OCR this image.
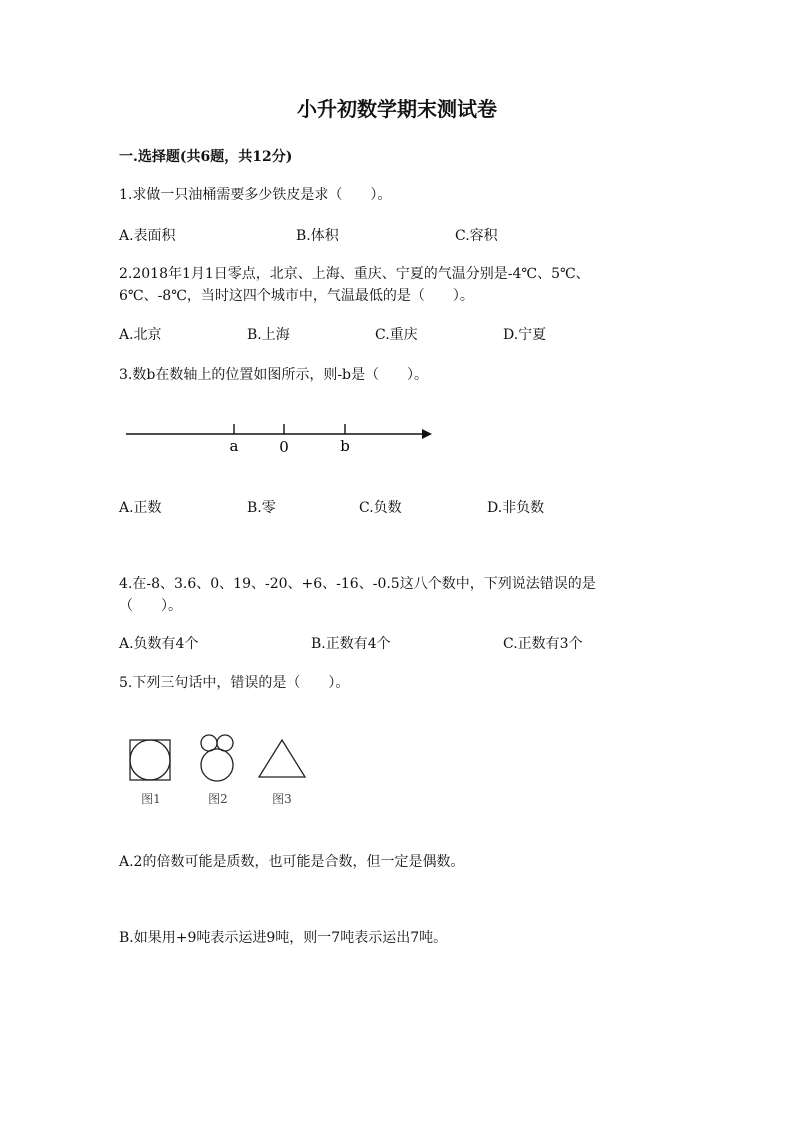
小升初数学期末测试卷
一.选择题(共6题，共12分)
1.求做一只油桶需要多少铁皮是求（　　）。
A.表面积	B.体积	C.容积
2.2018年1月1日零点，北京、上海、重庆、宁夏的气温分别是-4℃、5℃、
6℃、-8℃，当时这四个城市中，气温最低的是（　　）。
A.北京	B.上海	C.重庆	D.宁夏
3.数b在数轴上的位置如图所示，则-b是（　　）。
a	0	b
A.正数	B.零	C.负数	D.非负数
4.在-8、3.6、0、19、-20、+6、-16、-0.5这八个数中，下列说法错误的是
（　　）。
A.负数有4个	B.正数有4个	C.正数有3个
5.下列三句话中，错误的是（　　）。
图1	图2	图3
A.2的倍数可能是质数，也可能是合数，但一定是偶数。
B.如果用+9吨表示运进9吨，则一7吨表示运出7吨。
